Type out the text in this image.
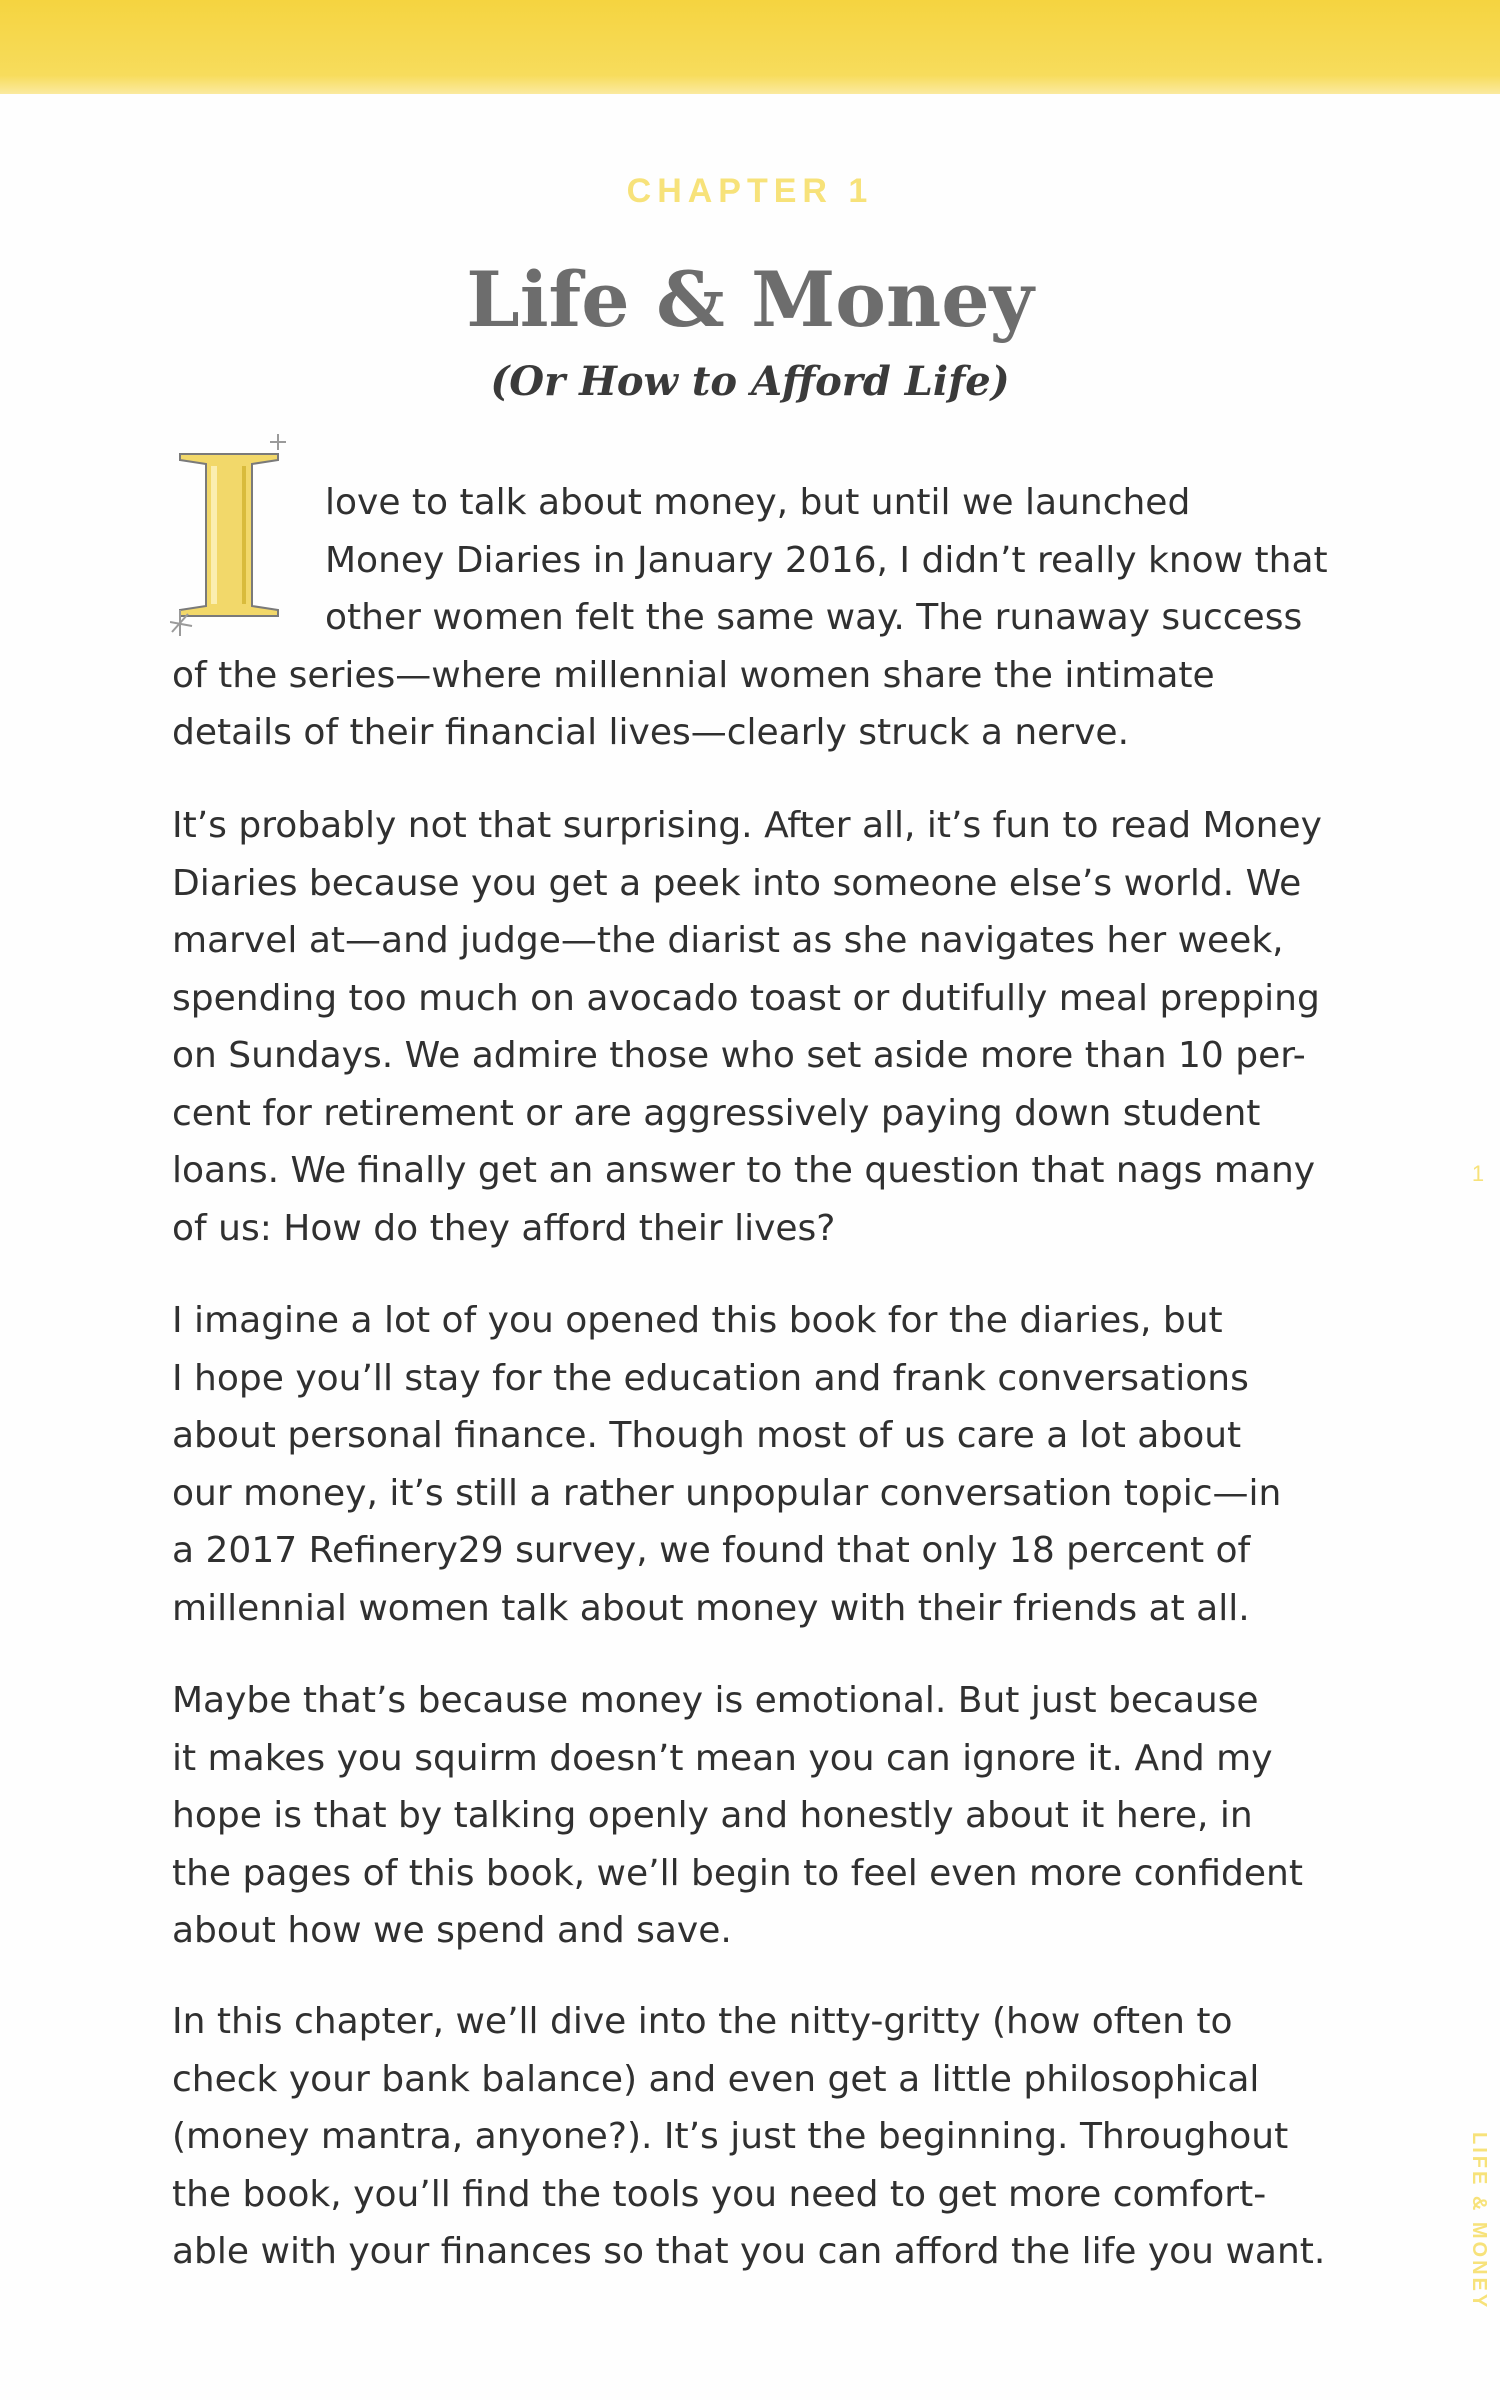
CHAPTER 1
Life & Money
(Or How to Afford Life)
love to talk about money, but until we launched
Money Diaries in January 2016, I didn’t really know that
other women felt the same way. The runaway success
of the series—where millennial women share the intimate
details of their financial lives—clearly struck a nerve.
It’s probably not that surprising. After all, it’s fun to read Money
Diaries because you get a peek into someone else’s world. We
marvel at—and judge—the diarist as she navigates her week,
spending too much on avocado toast or dutifully meal prepping
on Sundays. We admire those who set aside more than 10 per-
cent for retirement or are aggressively paying down student
loans. We finally get an answer to the question that nags many
of us: How do they afford their lives?
I imagine a lot of you opened this book for the diaries, but
I hope you’ll stay for the education and frank conversations
about personal finance. Though most of us care a lot about
our money, it’s still a rather unpopular conversation topic—in
a 2017 Refinery29 survey, we found that only 18 percent of
millennial women talk about money with their friends at all.
Maybe that’s because money is emotional. But just because
it makes you squirm doesn’t mean you can ignore it. And my
hope is that by talking openly and honestly about it here, in
the pages of this book, we’ll begin to feel even more confident
about how we spend and save.
In this chapter, we’ll dive into the nitty-gritty (how often to
check your bank balance) and even get a little philosophical
(money mantra, anyone?). It’s just the beginning. Throughout
the book, you’ll find the tools you need to get more comfort-
able with your finances so that you can afford the life you want.
1
LIFE & MONEY
